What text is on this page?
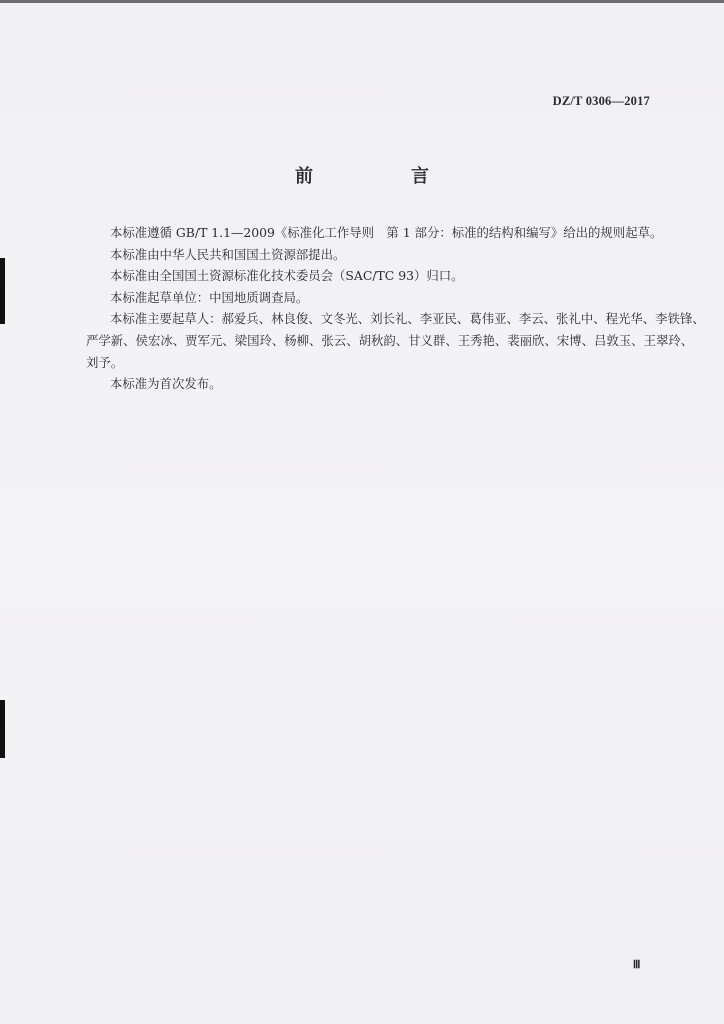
DZ/T 0306—2017
前　言

本标准遵循 GB/T 1.1—2009《标准化工作导则　第 1 部分：标准的结构和编写》给出的规则起草。

本标准由中华人民共和国国土资源部提出。

本标准由全国国土资源标准化技术委员会（SAC/TC 93）归口。

本标准起草单位：中国地质调查局。

本标准主要起草人：郝爱兵、林良俊、文冬光、刘长礼、李亚民、葛伟亚、李云、张礼中、程光华、李铁锋、

严学新、侯宏冰、贾军元、梁国玲、杨柳、张云、胡秋韵、甘义群、王秀艳、裴丽欣、宋博、吕敦玉、王翠玲、

刘予。

本标准为首次发布。

Ⅲ
